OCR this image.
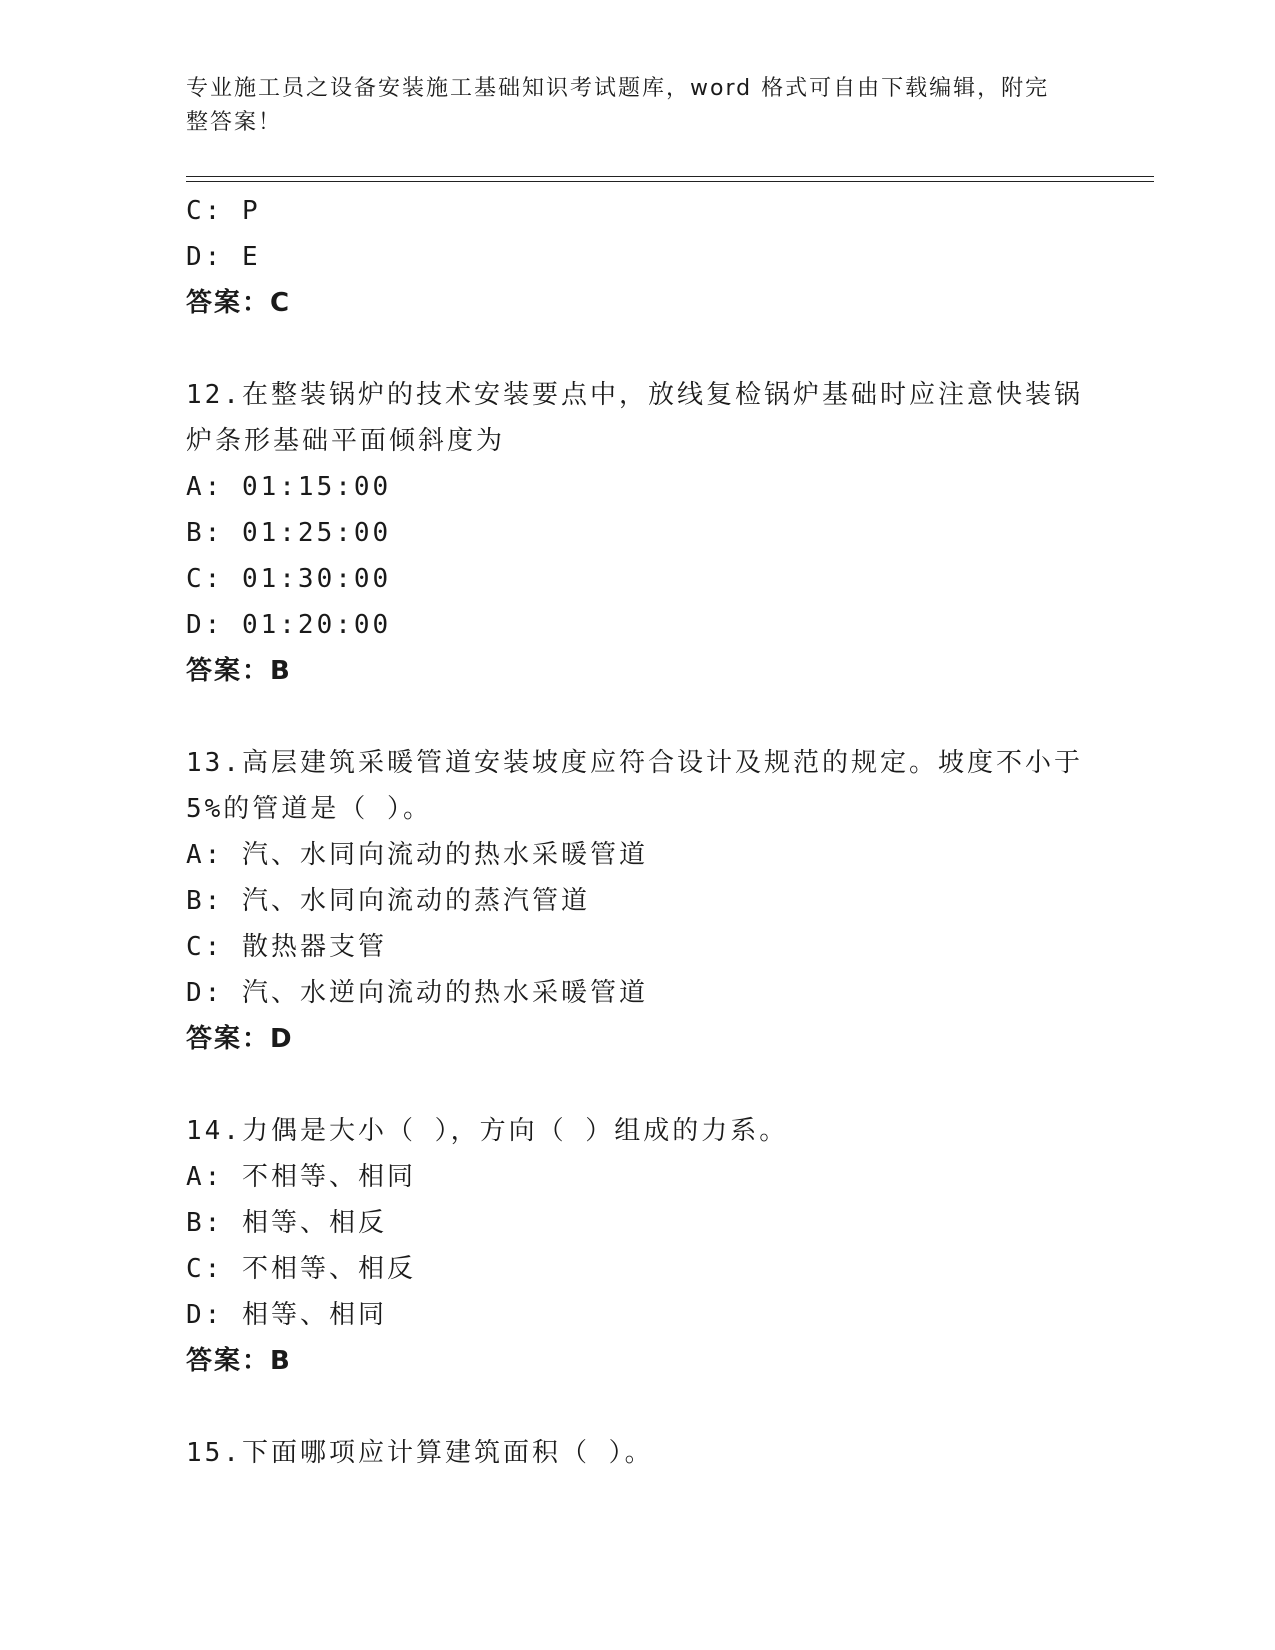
专业施工员之设备安装施工基础知识考试题库，word 格式可自由下载编辑，附完
整答案！
C: P
D: E
答案：C
12.在整装锅炉的技术安装要点中，放线复检锅炉基础时应注意快装锅
炉条形基础平面倾斜度为
A: 01:15:00
B: 01:25:00
C: 01:30:00
D: 01:20:00
答案：B
13.高层建筑采暖管道安装坡度应符合设计及规范的规定。坡度不小于
5%的管道是（ ）。
A: 汽、水同向流动的热水采暖管道
B: 汽、水同向流动的蒸汽管道
C: 散热器支管
D: 汽、水逆向流动的热水采暖管道
答案：D
14.力偶是大小（ ），方向（ ）组成的力系。
A: 不相等、相同
B: 相等、相反
C: 不相等、相反
D: 相等、相同
答案：B
15.下面哪项应计算建筑面积（ ）。
